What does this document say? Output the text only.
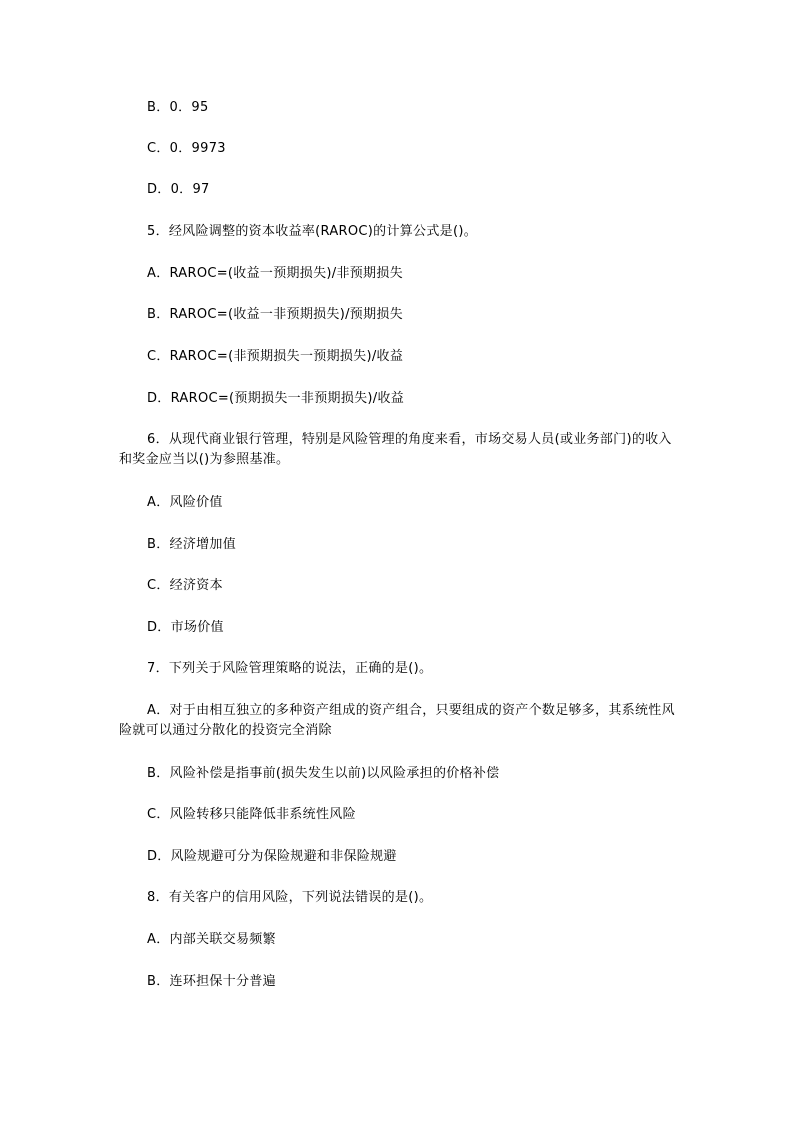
B．0．95
C．0．9973
D．0．97
5．经风险调整的资本收益率(RAROC)的计算公式是()。
A．RAROC=(收益一预期损失)/非预期损失
B．RAROC=(收益一非预期损失)/预期损失
C．RAROC=(非预期损失一预期损失)/收益
D．RAROC=(预期损失一非预期损失)/收益
6．从现代商业银行管理，特别是风险管理的角度来看，市场交易人员(或业务部门)的收入和奖金应当以()为参照基准。
A．风险价值
B．经济增加值
C．经济资本
D．市场价值
7．下列关于风险管理策略的说法，正确的是()。
A．对于由相互独立的多种资产组成的资产组合，只要组成的资产个数足够多，其系统性风险就可以通过分散化的投资完全消除
B．风险补偿是指事前(损失发生以前)以风险承担的价格补偿
C．风险转移只能降低非系统性风险
D．风险规避可分为保险规避和非保险规避
8．有关客户的信用风险，下列说法错误的是()。
A．内部关联交易频繁
B．连环担保十分普遍
